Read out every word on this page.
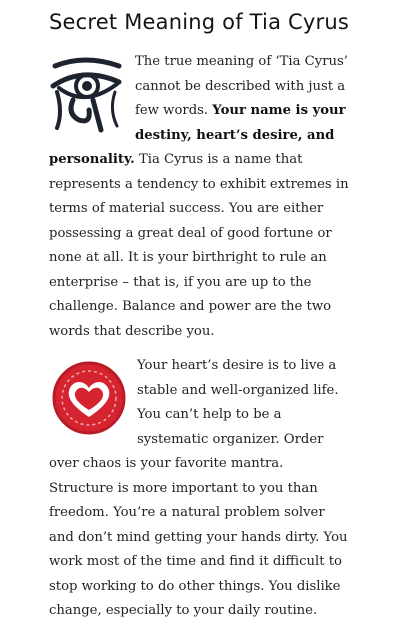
Secret Meaning of Tia Cyrus

The true meaning of ‘Tia Cyrus’ cannot be described with just a few words. Your name is your destiny, heart’s desire, and personality. Tia Cyrus is a name that represents a tendency to exhibit extremes in terms of material success. You are either possessing a great deal of good fortune or none at all. It is your birthright to rule an enterprise – that is, if you are up to the challenge. Balance and power are the two words that describe you.

Your heart’s desire is to live a stable and well-organized life. You can’t help to be a systematic organizer. Order over chaos is your favorite mantra. Structure is more important to you than freedom. You’re a natural problem solver and don’t mind getting your hands dirty. You work most of the time and find it difficult to stop working to do other things. You dislike change, especially to your daily routine.
